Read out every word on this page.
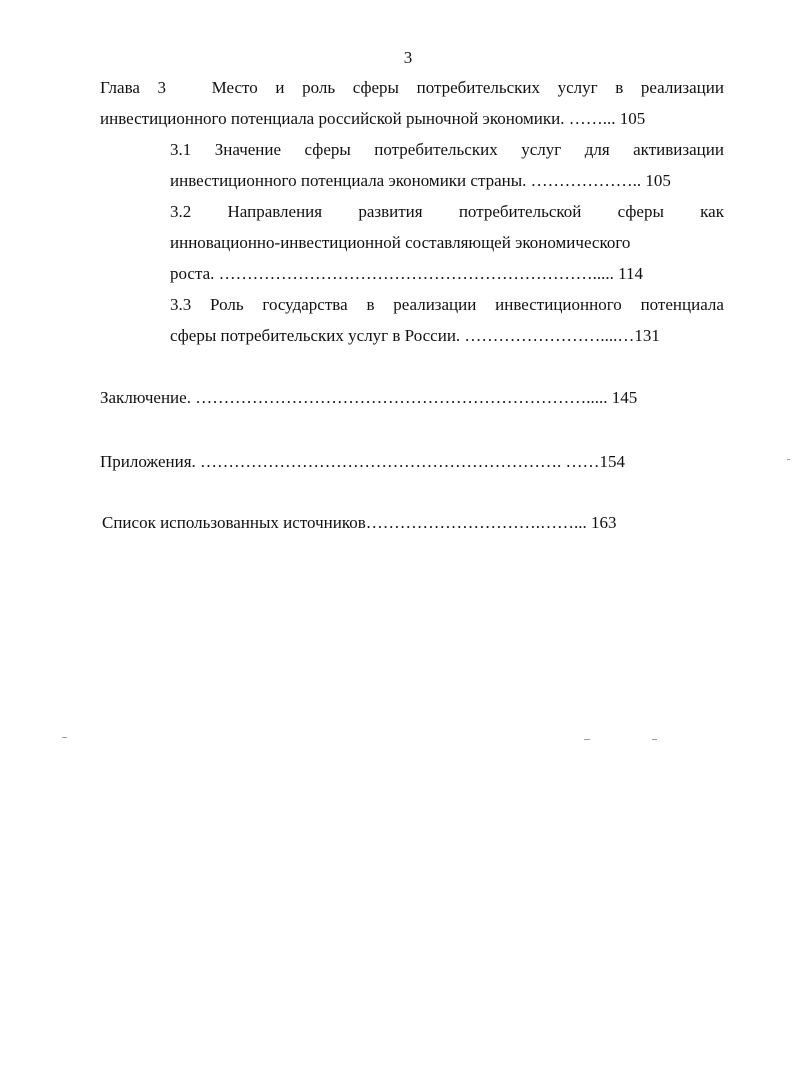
3
Глава 3	Место и роль сферы потребительских услуг в реализации
инвестиционного потенциала российской рыночной экономики. ……... 105
3.1 Значение сферы потребительских услуг для активизации
инвестиционного потенциала экономики страны. ……………….. 105
3.2 Направления развития потребительской сферы как
инновационно-инвестиционной составляющей экономического
роста. …………………………………………………………..... 114
3.3 Роль государства в реализации инвестиционного потенциала
сферы потребительских услуг в России. ……………………....…131
Заключение. ……………………………………………………………..... 145
Приложения. ………………………………………………………. ……154
Список использованных источников………………………….……... 163
